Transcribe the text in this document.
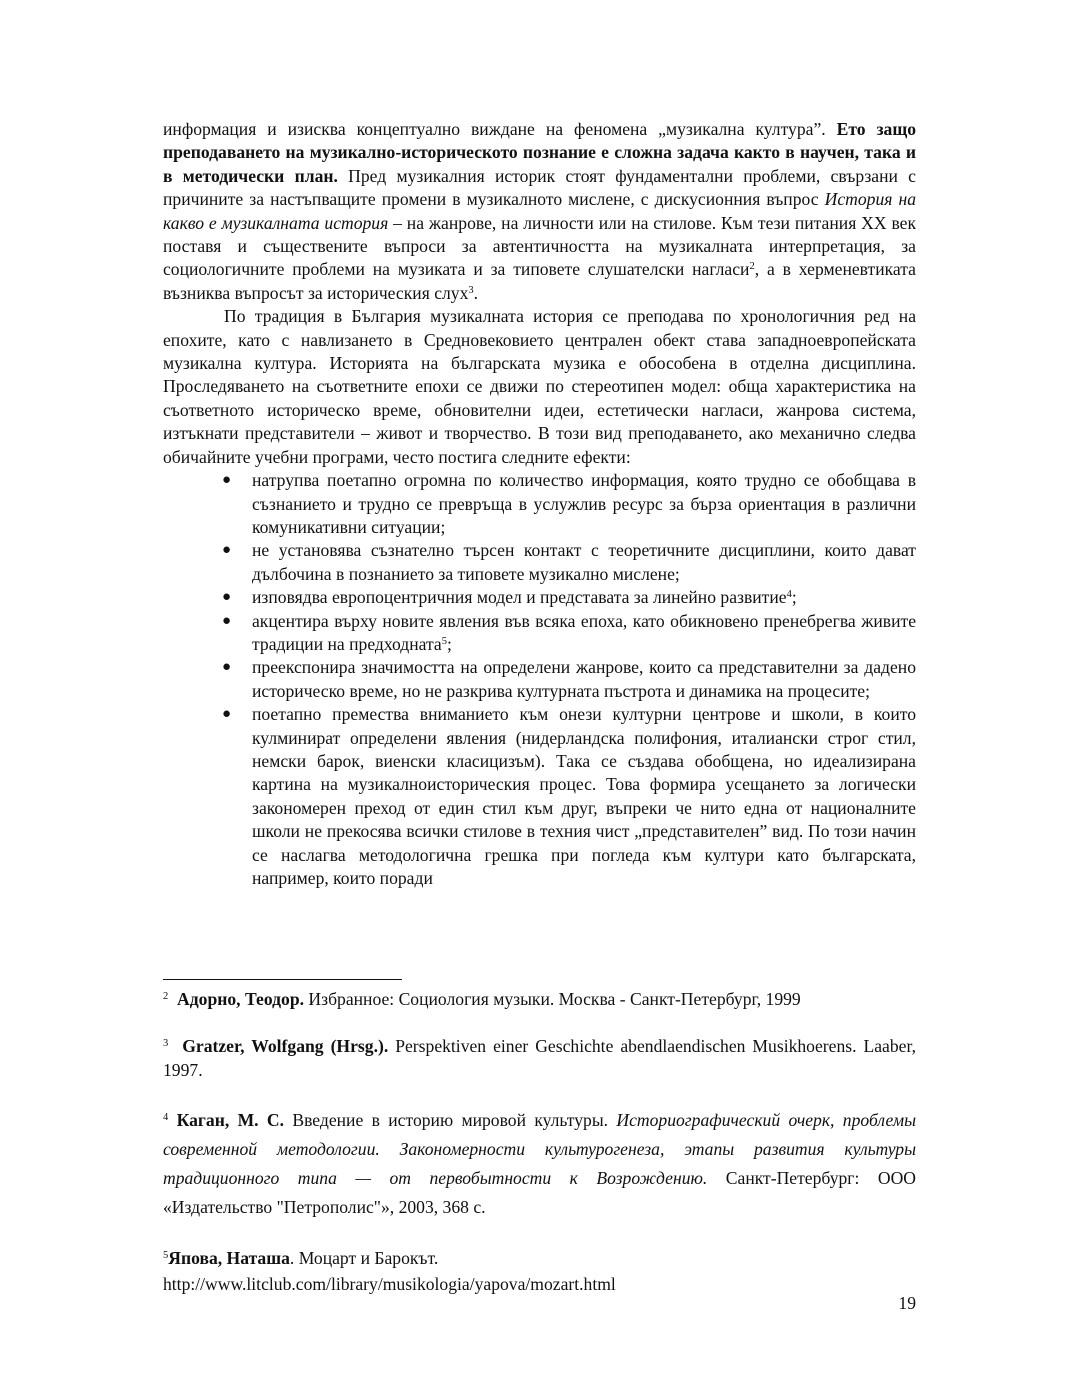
информация и изисква концептуално виждане на феномена „музикална култура”. Ето защо преподаването на музикално-историческото познание е сложна задача както в научен, така и в методически план. Пред музикалния историк стоят фундаментални проблеми, свързани с причините за настъпващите промени в музикалното мислене, с дискусионния въпрос История на какво е музикалната история – на жанрове, на личности или на стилове. Към тези питания XX век поставя и съществените въпроси за автентичността на музикалната интерпретация, за социологичните проблеми на музиката и за типовете слушателски нагласи$^2$, а в херменевтиката възниква въпросът за историческия слух$^3$.

По традиция в България музикалната история се преподава по хронологичния ред на епохите, като с навлизането в Средновековието централен обект става западноевропейската музикална култура. Историята на българската музика е обособена в отделна дисциплина. Проследяването на съответните епохи се движи по стереотипен модел: обща характеристика на съответното историческо време, обновителни идеи, естетически нагласи, жанрова система, изтъкнати представители – живот и творчество. В този вид преподаването, ако механично следва обичайните учебни програми, често постига следните ефекти:

● натрупва поетапно огромна по количество информация, която трудно се обобщава в съзнанието и трудно се превръща в услужлив ресурс за бърза ориентация в различни комуникативни ситуации;
● не установява съзнателно търсен контакт с теоретичните дисциплини, които дават дълбочина в познанието за типовете музикално мислене;
● изповядва европоцентричния модел и представата за линейно развитие$^4$;
● акцентира върху новите явления във всяка епоха, като обикновено пренебрегва живите традиции на предходната$^5$;
● преекспонира значимостта на определени жанрове, които са представителни за дадено историческо време, но не разкрива културната пъстрота и динамика на процесите;
● поетапно премества вниманието към онези културни центрове и школи, в които кулминират определени явления (нидерландска полифония, италиански строг стил, немски барок, виенски класицизъм). Така се създава обобщена, но идеализирана картина на музикалноисторическия процес. Това формира усещането за логически закономерен преход от един стил към друг, въпреки че нито една от националните школи не прекосява всички стилове в техния чист „представителен” вид. По този начин се наслагва методологична грешка при погледа към култури като българската, например, които поради
$^2$ Адорно, Теодор. Избранное: Социология музыки. Москва - Санкт-Петербург, 1999
$^3$ Gratzer, Wolfgang (Hrsg.). Perspektiven einer Geschichte abendlaendischen Musikhoerens. Laaber, 1997.
$^4$ Каган, М. С. Введение в историю мировой культуры. Историографический очерк, проблемы современной методологии. Закономерности культурогенеза, этапы развития культуры традиционного типа — от первобытности к Возрождению. Санкт-Петербург: ООО «Издательство "Петрополис"», 2003, 368 с.
$^5$Япова, Наташа. Моцарт и Барокът.
http://www.litclub.com/library/musikologia/yapova/mozart.html
19
